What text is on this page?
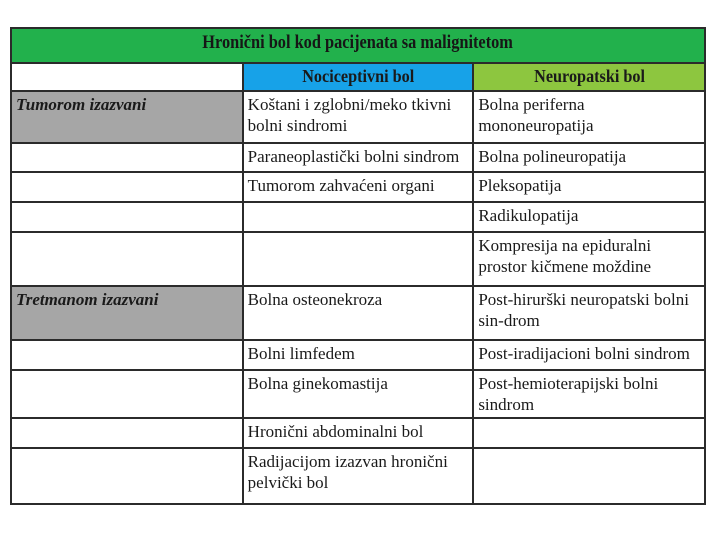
Hronični bol kod pacijenata sa malignitetom		
	Nociceptivni bol	Neuropatski bol
Tumorom izazvani	Koštani i zglobni/meko tkivni bolni sindromi	Bolna periferna mononeuropatija
	Paraneoplastički bolni sindrom	Bolna polineuropatija
	Tumorom zahvaćeni organi	Pleksopatija
		Radikulopatija
		Kompresija na epiduralni prostor kičmene moždine
Tretmanom izazvani	Bolna osteonekroza	Post-hirurški neuropatski bolni sin-drom
	Bolni limfedem	Post-iradijacioni bolni sindrom
	Bolna ginekomastija	Post-hemioterapijski bolni sindrom
	Hronični abdominalni bol	
	Radijacijom izazvan hronični pelvički bol	
